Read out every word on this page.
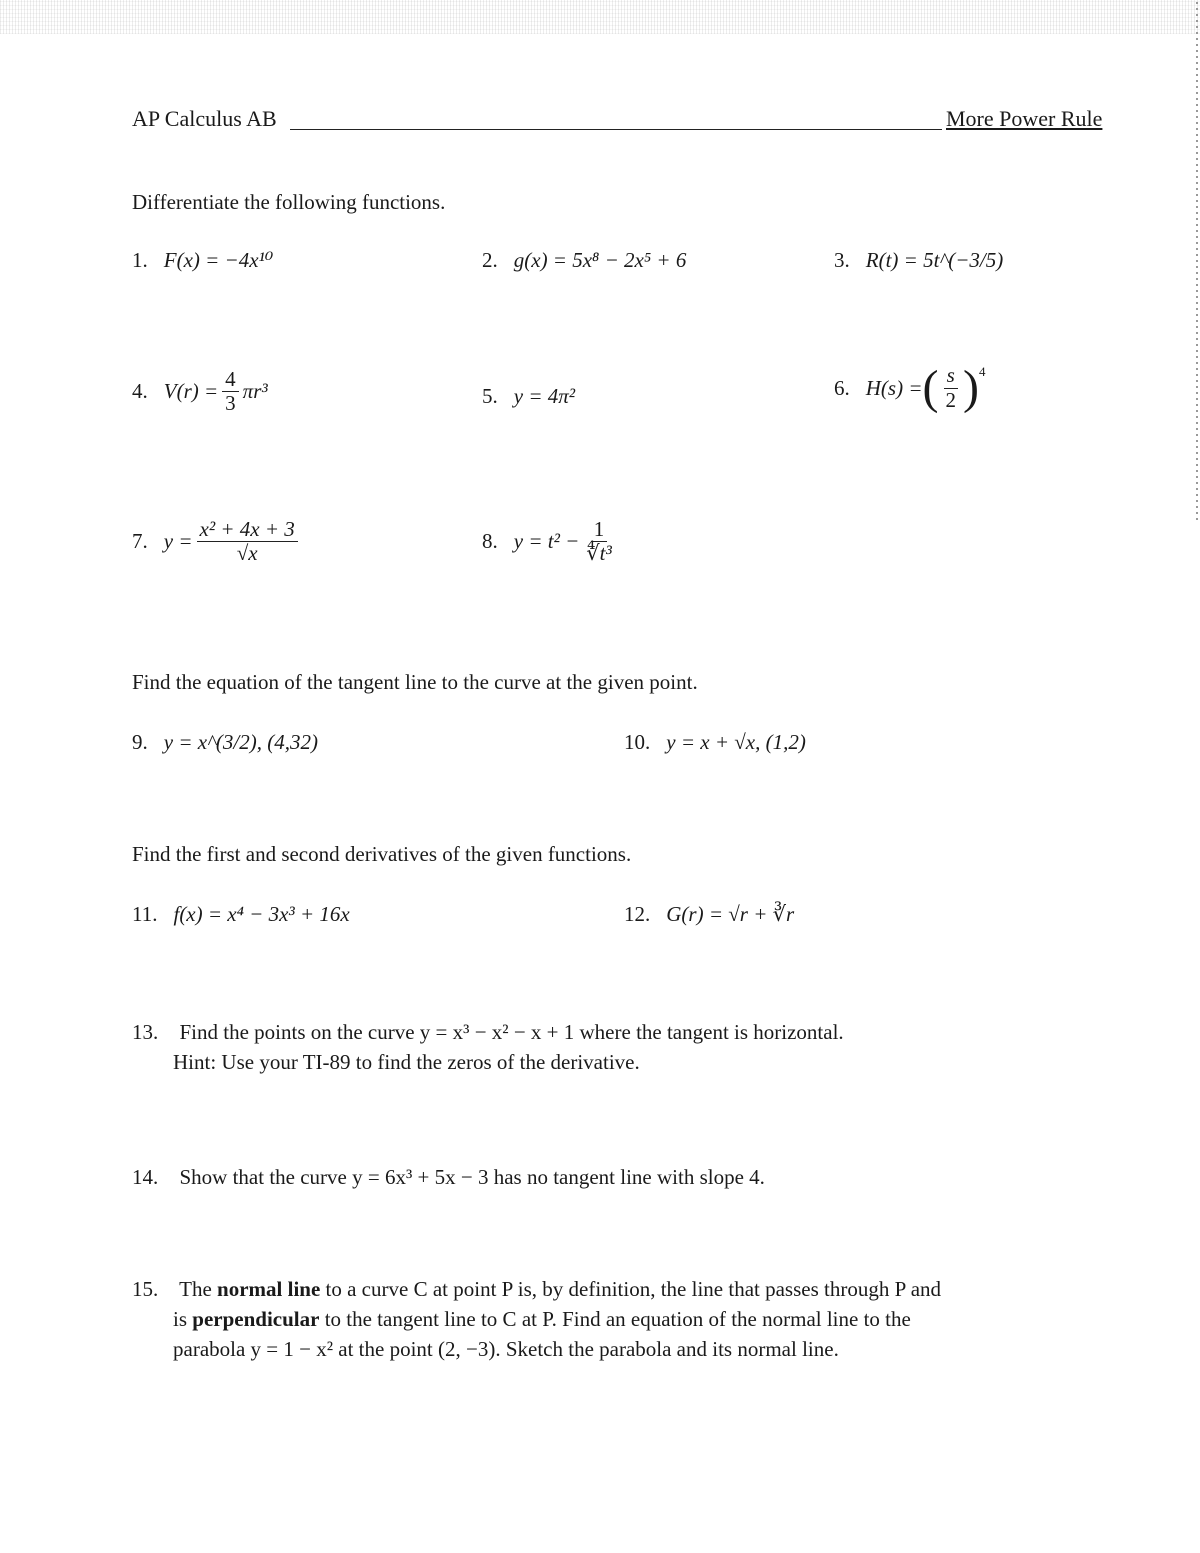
AP Calculus AB	More Power Rule
Differentiate the following functions.
1. F(x) = −4x¹⁰	2. g(x) = 5x⁸ − 2x⁵ + 6	3. R(t) = 5t^(−3/5)
4. $V(r) = \frac{4}{3} \pi r^3$	5. y = 4π²	6. H(s) = ( $\frac{s}{2} )^4$
7. $y = \frac{\text{x² + 4x + 3}}{√x}$	8. $y = t^2 - \frac{1}{\text{∜t³}}$
Find the equation of the tangent line to the curve at the given point.
9. y = x^(3/2), (4,32)	10. y = x + √x, (1,2)
Find the first and second derivatives of the given functions.
11. f(x) = x⁴ − 3x³ + 16x	12. G(r) = √r + ∛r
13. Find the points on the curve y = x³ − x² − x + 1 where the tangent is horizontal.
Hint: Use your TI-89 to find the zeros of the derivative.
14. Show that the curve y = 6x³ + 5x − 3 has no tangent line with slope 4.
15. The normal line to a curve C at point P is, by definition, the line that passes through P and
is perpendicular to the tangent line to C at P. Find an equation of the normal line to the
parabola y = 1 − x² at the point (2, −3). Sketch the parabola and its normal line.
